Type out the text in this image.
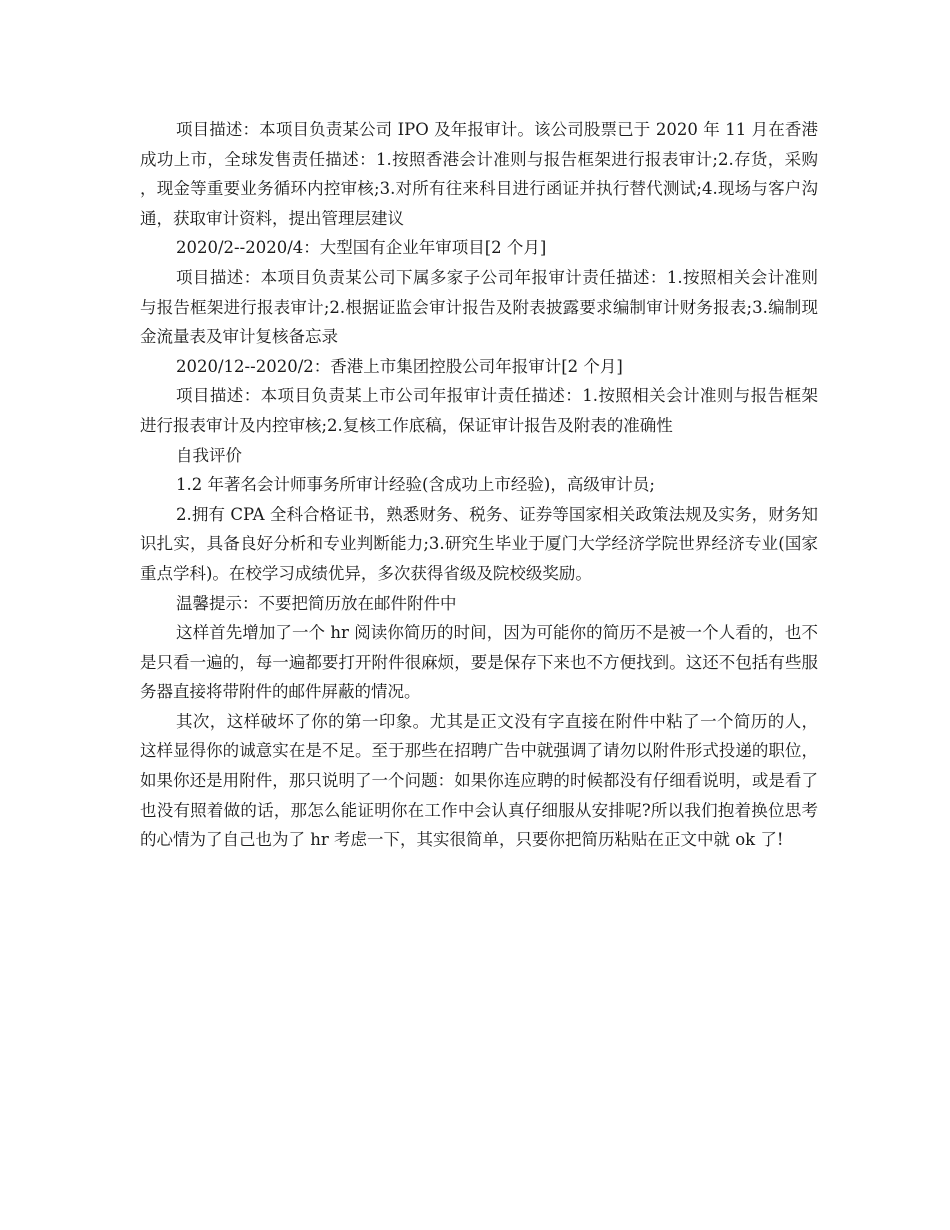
项目描述：本项目负责某公司 IPO 及年报审计。该公司股票已于 2020 年 11 月在香港成功上市，全球发售责任描述：1.按照香港会计准则与报告框架进行报表审计;2.存货，采购，现金等重要业务循环内控审核;3.对所有往来科目进行函证并执行替代测试;4.现场与客户沟通，获取审计资料，提出管理层建议

2020/2--2020/4：大型国有企业年审项目[2 个月]

项目描述：本项目负责某公司下属多家子公司年报审计责任描述：1.按照相关会计准则与报告框架进行报表审计;2.根据证监会审计报告及附表披露要求编制审计财务报表;3.编制现金流量表及审计复核备忘录

2020/12--2020/2：香港上市集团控股公司年报审计[2 个月]

项目描述：本项目负责某上市公司年报审计责任描述：1.按照相关会计准则与报告框架进行报表审计及内控审核;2.复核工作底稿，保证审计报告及附表的准确性

自我评价

1.2 年著名会计师事务所审计经验(含成功上市经验)，高级审计员;

2.拥有 CPA 全科合格证书，熟悉财务、税务、证券等国家相关政策法规及实务，财务知识扎实，具备良好分析和专业判断能力;3.研究生毕业于厦门大学经济学院世界经济专业(国家重点学科)。在校学习成绩优异，多次获得省级及院校级奖励。

温馨提示：不要把简历放在邮件附件中

这样首先增加了一个 hr 阅读你简历的时间，因为可能你的简历不是被一个人看的，也不是只看一遍的，每一遍都要打开附件很麻烦，要是保存下来也不方便找到。这还不包括有些服务器直接将带附件的邮件屏蔽的情况。

其次，这样破坏了你的第一印象。尤其是正文没有字直接在附件中粘了一个简历的人，这样显得你的诚意实在是不足。至于那些在招聘广告中就强调了请勿以附件形式投递的职位，如果你还是用附件，那只说明了一个问题：如果你连应聘的时候都没有仔细看说明，或是看了也没有照着做的话，那怎么能证明你在工作中会认真仔细服从安排呢?所以我们抱着换位思考的心情为了自己也为了 hr 考虑一下，其实很简单，只要你把简历粘贴在正文中就 ok 了!
